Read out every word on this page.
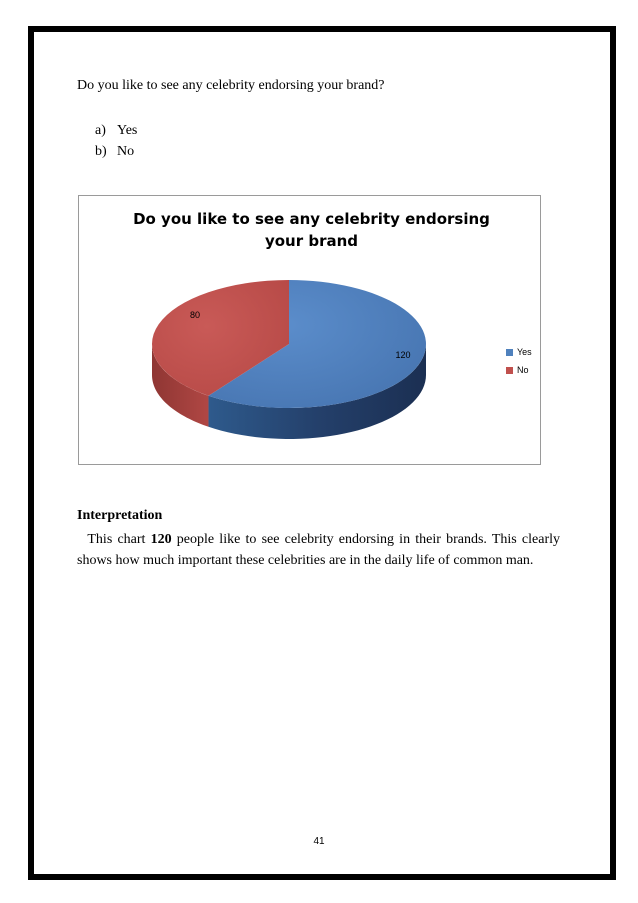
Do you like to see any celebrity endorsing your brand?
a) Yes
b) No
Do you like to see any celebrity endorsing
your brand
120
80
Yes
No
Interpretation
This chart 120 people like to see celebrity endorsing in their brands. This clearly shows how much important these celebrities are in the daily life of common man.
41
